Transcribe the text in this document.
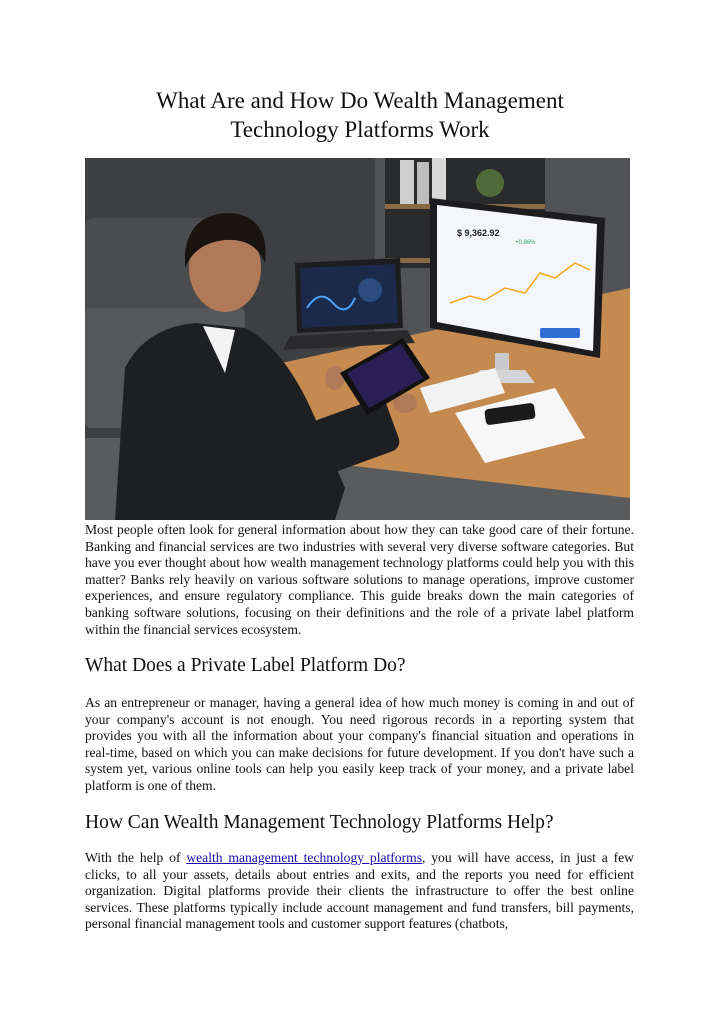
What Are and How Do Wealth Management
Technology Platforms Work
$ 9,362.92
+0.86%

Most people often look for general information about how they can take good care of their fortune. Banking and financial services are two industries with several very diverse software categories. But have you ever thought about how wealth management technology platforms could help you with this matter? Banks rely heavily on various software solutions to manage operations, improve customer experiences, and ensure regulatory compliance. This guide breaks down the main categories of banking software solutions, focusing on their definitions and the role of a private label platform within the financial services ecosystem.

What Does a Private Label Platform Do?

As an entrepreneur or manager, having a general idea of how much money is coming in and out of your company's account is not enough. You need rigorous records in a reporting system that provides you with all the information about your company's financial situation and operations in real-time, based on which you can make decisions for future development. If you don't have such a system yet, various online tools can help you easily keep track of your money, and a private label platform is one of them.

How Can Wealth Management Technology Platforms Help?

With the help of wealth management technology platforms, you will have access, in just a few clicks, to all your assets, details about entries and exits, and the reports you need for efficient organization. Digital platforms provide their clients the infrastructure to offer the best online services. These platforms typically include account management and fund transfers, bill payments, personal financial management tools and customer support features (chatbots,
